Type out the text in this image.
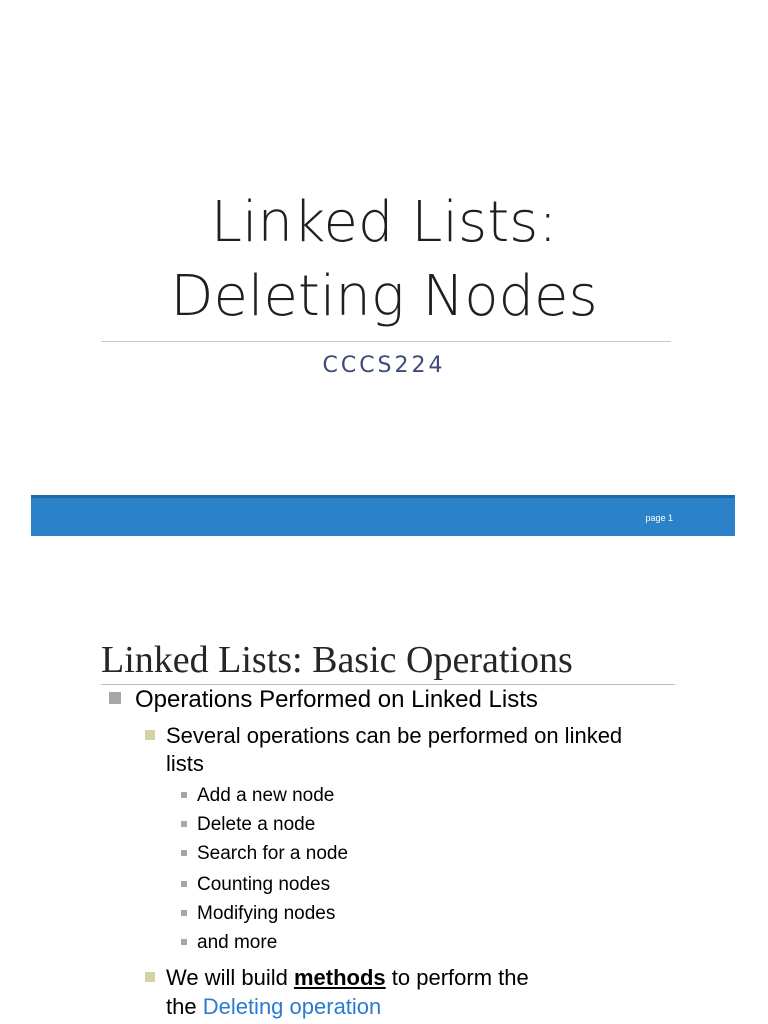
Linked Lists:
Deleting Nodes
CCCS224
page 1
Linked Lists: Basic Operations
Operations Performed on Linked Lists
Several operations can be performed on linked
lists
Add a new node
Delete a node
Search for a node
Counting nodes
Modifying nodes
and more
We will build methods to perform the
the Deleting operation
